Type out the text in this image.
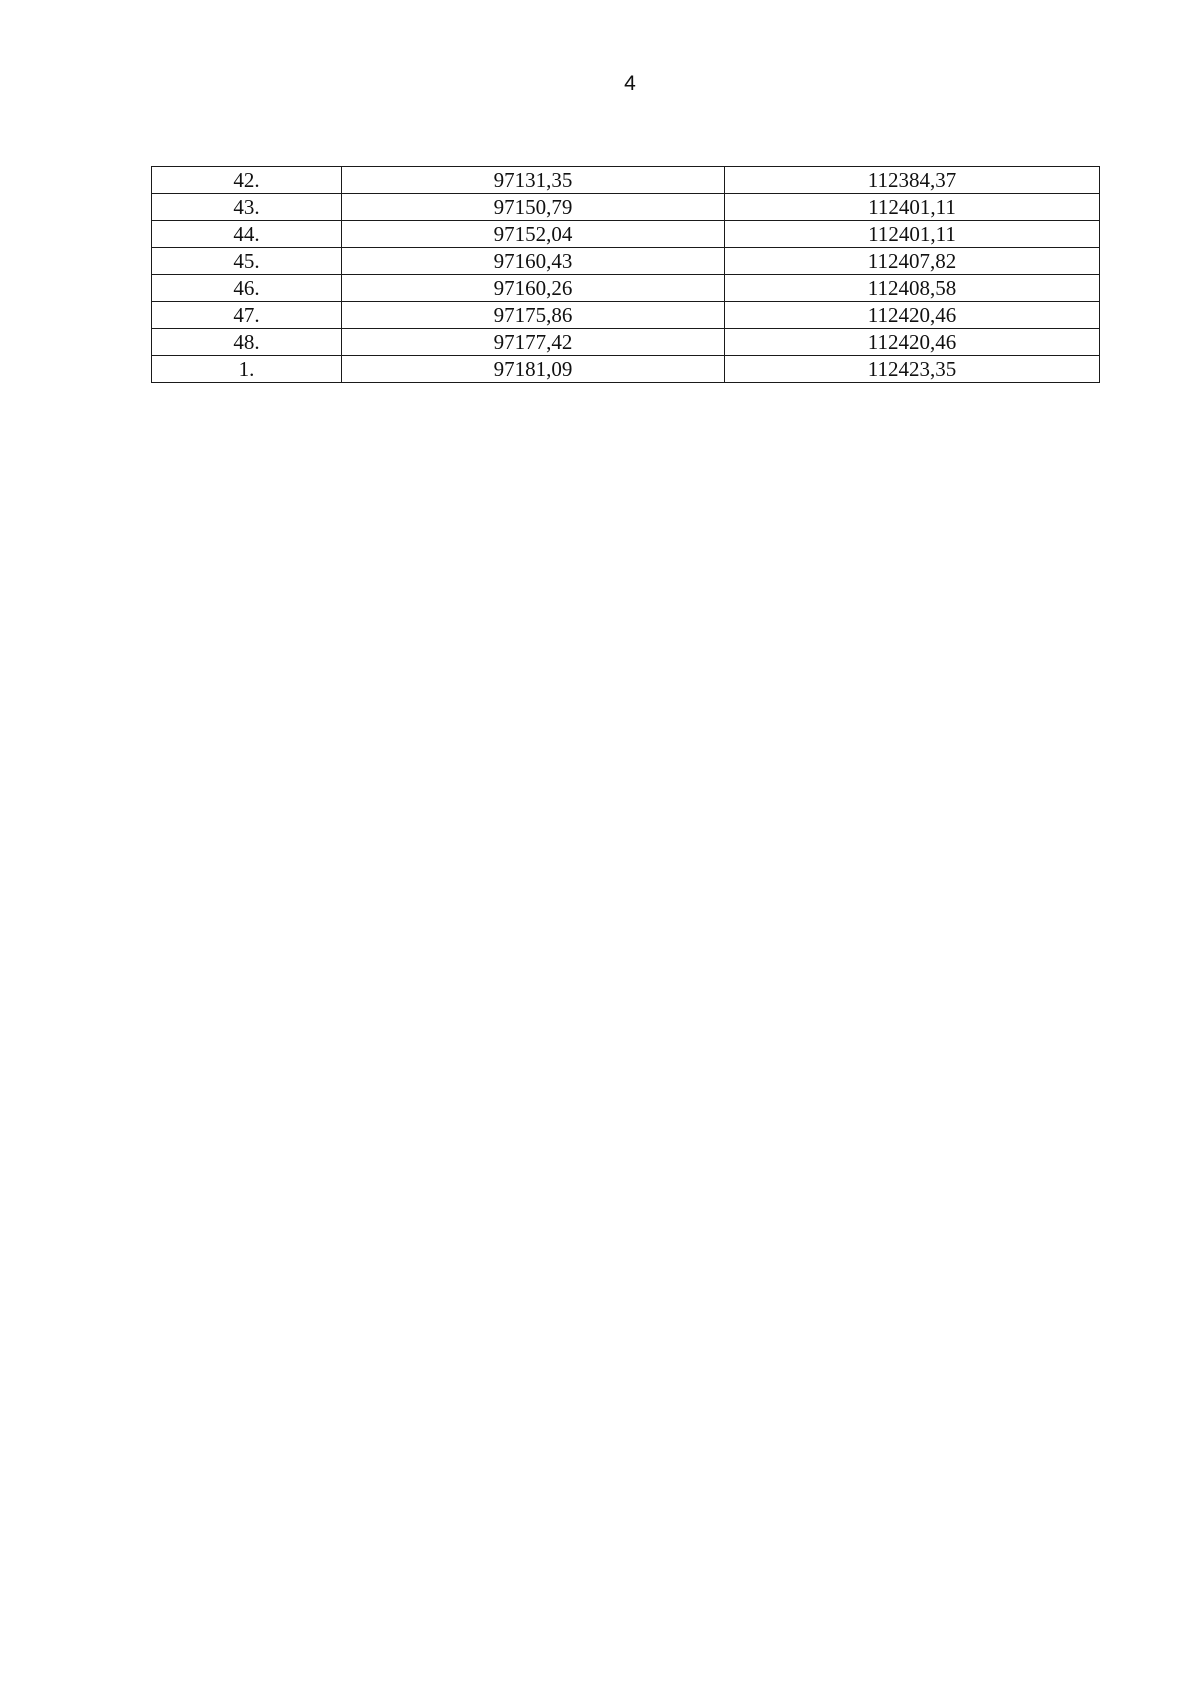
4
42.	97131,35	112384,37
43.	97150,79	112401,11
44.	97152,04	112401,11
45.	97160,43	112407,82
46.	97160,26	112408,58
47.	97175,86	112420,46
48.	97177,42	112420,46
1.	97181,09	112423,35
